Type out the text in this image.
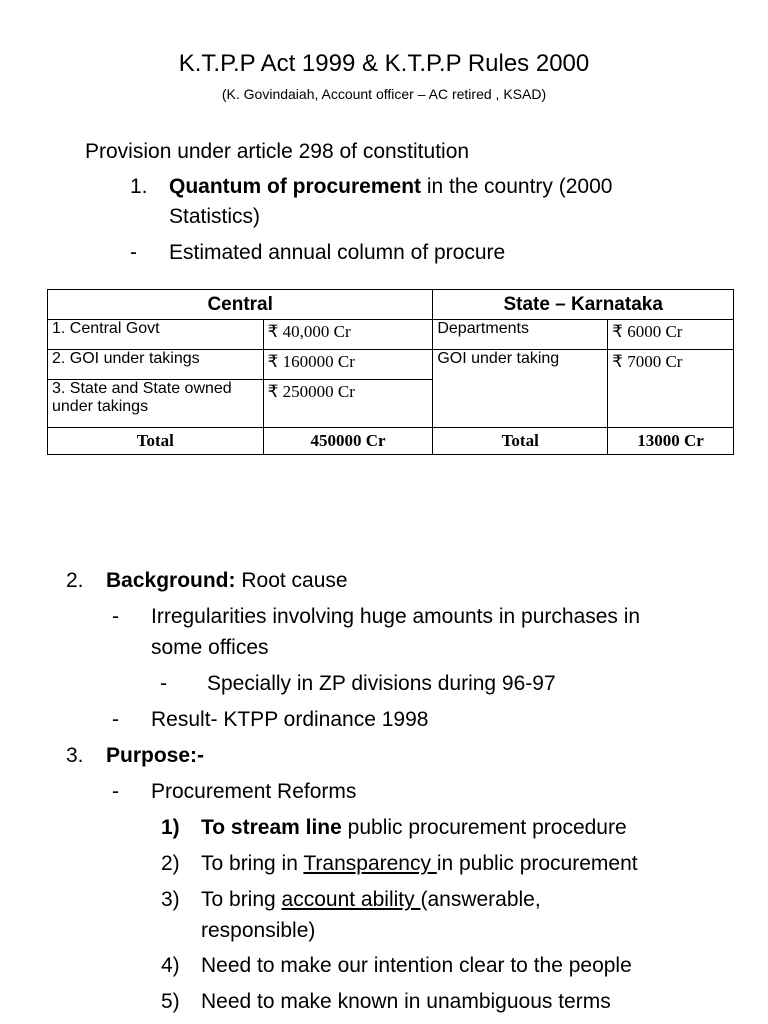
K.T.P.P Act 1999 & K.T.P.P Rules 2000
(K. Govindaiah, Account officer – AC retired , KSAD)
Provision under article 298 of constitution
1. Quantum of procurement in the country (2000
Statistics)
- Estimated annual column of procure
Central		State – Karnataka	
1. Central Govt	₹ 40,000 Cr	Departments	₹ 6000 Cr
2. GOI under takings	₹ 160000 Cr	GOI under taking	₹ 7000 Cr
3. State and State owned under takings	₹ 250000 Cr		
Total	450000 Cr	Total	13000 Cr
2. Background: Root cause
- Irregularities involving huge amounts in purchases in
some offices
- Specially in ZP divisions during 96-97
- Result- KTPP ordinance 1998
3. Purpose:-
- Procurement Reforms
1) To stream line public procurement procedure
2) To bring in Transparency in public procurement
3) To bring account ability (answerable,
responsible)
4) Need to make our intention clear to the people
5) Need to make known in unambiguous terms
